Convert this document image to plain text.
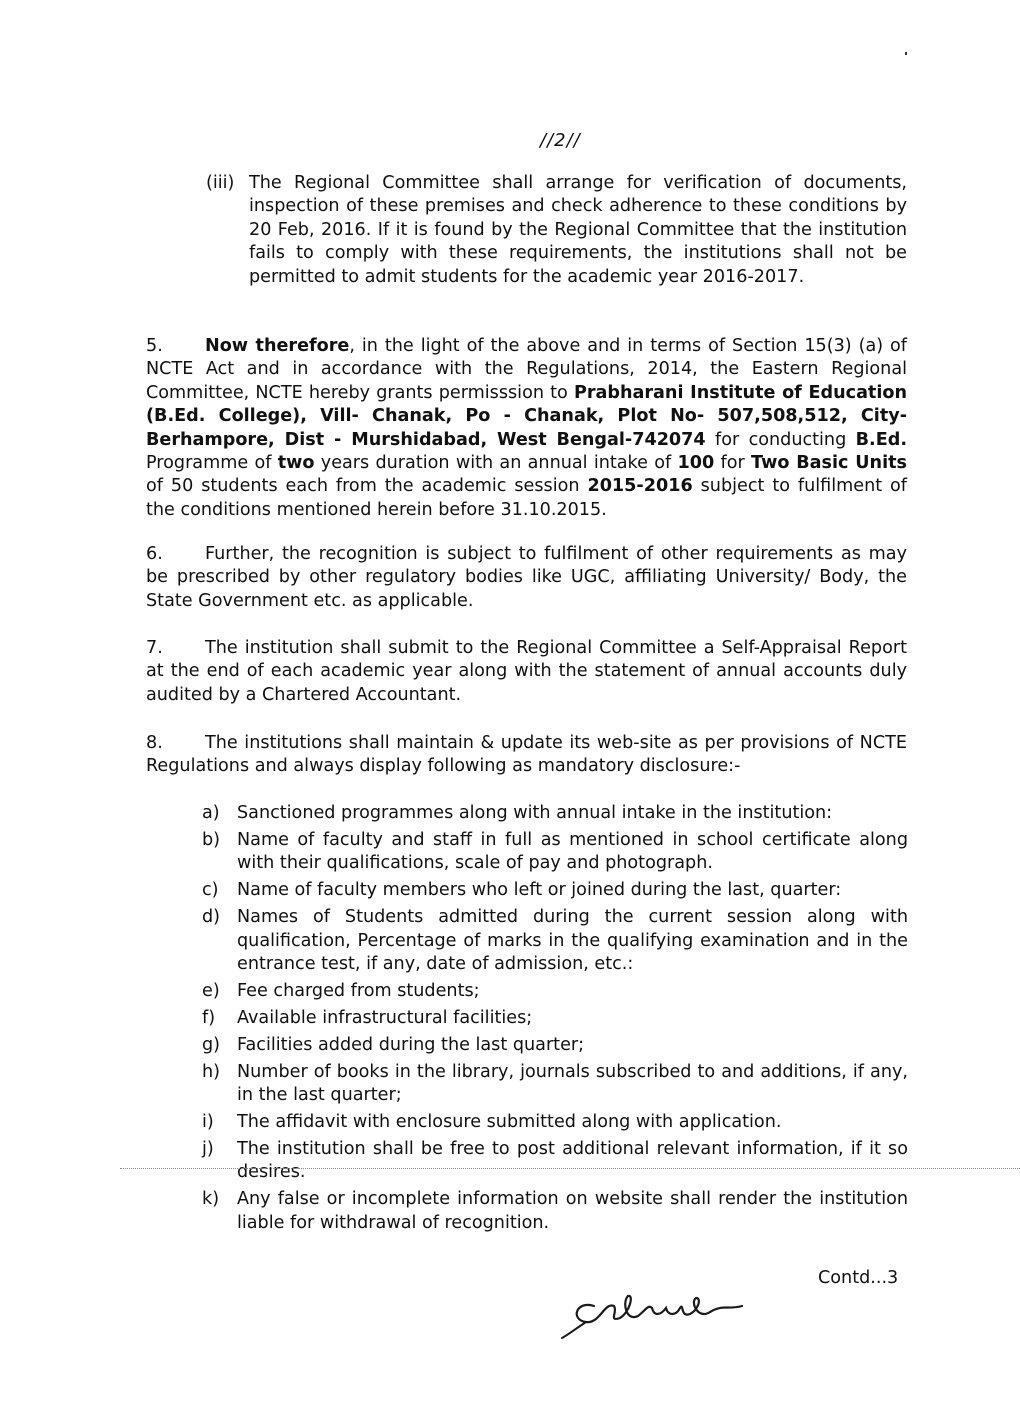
//2//
(iii) The Regional Committee shall arrange for verification of documents, inspection of these premises and check adherence to these conditions by 20 Feb, 2016. If it is found by the Regional Committee that the institution fails to comply with these requirements, the institutions shall not be permitted to admit students for the academic year 2016-2017.
5. Now therefore, in the light of the above and in terms of Section 15(3) (a) of NCTE Act and in accordance with the Regulations, 2014, the Eastern Regional Committee, NCTE hereby grants permisssion to Prabharani Institute of Education (B.Ed. College), Vill- Chanak, Po - Chanak, Plot No- 507,508,512, City-Berhampore, Dist - Murshidabad, West Bengal-742074 for conducting B.Ed. Programme of two years duration with an annual intake of 100 for Two Basic Units of 50 students each from the academic session 2015-2016 subject to fulfilment of the conditions mentioned herein before 31.10.2015.
6. Further, the recognition is subject to fulfilment of other requirements as may be prescribed by other regulatory bodies like UGC, affiliating University/ Body, the State Government etc. as applicable.
7. The institution shall submit to the Regional Committee a Self-Appraisal Report at the end of each academic year along with the statement of annual accounts duly audited by a Chartered Accountant.
8. The institutions shall maintain & update its web-site as per provisions of NCTE Regulations and always display following as mandatory disclosure:-
a) Sanctioned programmes along with annual intake in the institution:
b) Name of faculty and staff in full as mentioned in school certificate along with their qualifications, scale of pay and photograph.
c)	Name of faculty members who left or joined during the last, quarter:
d) Names of Students admitted during the current session along with qualification, Percentage of marks in the qualifying examination and in the entrance test, if any, date of admission, etc.:
e) Fee charged from students;
f)	Available infrastructural facilities;
g) Facilities added during the last quarter;
h) Number of books in the library, journals subscribed to and additions, if any, in the last quarter;
i)	The affidavit with enclosure submitted along with application.
j)	The institution shall be free to post additional relevant information, if it so desires.
k)	Any false or incomplete information on website shall render the institution liable for withdrawal of recognition.
Contd...3
